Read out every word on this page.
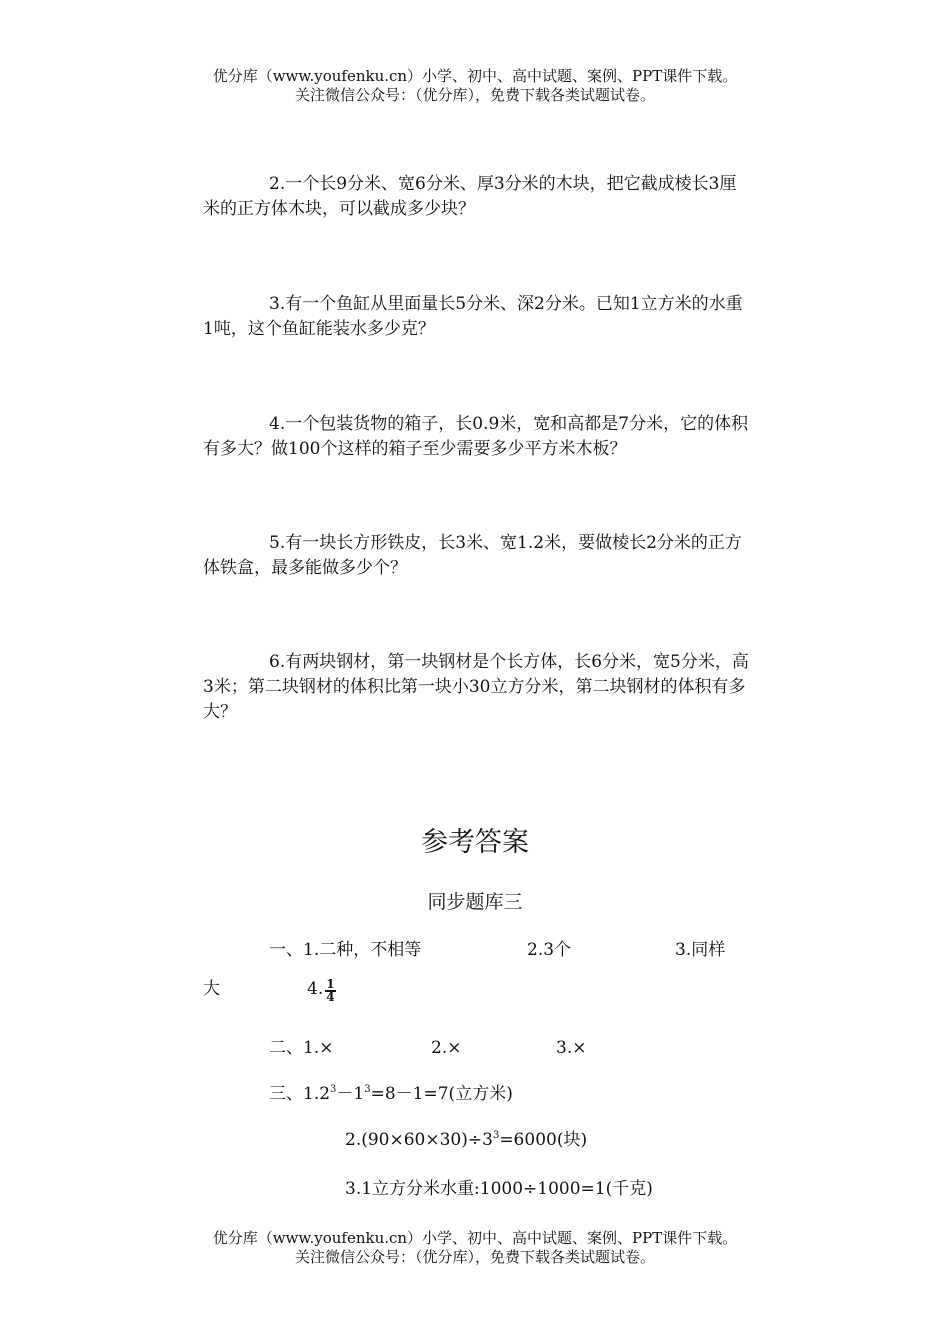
优分库（www.youfenku.cn）小学、初中、高中试题、案例、PPT课件下载。
关注微信公众号：（优分库），免费下载各类试题试卷。
2.一个长9分米、宽6分米、厚3分米的木块，把它截成棱长3厘米的正方体木块，可以截成多少块？
3.有一个鱼缸从里面量长5分米、深2分米。已知1立方米的水重1吨，这个鱼缸能装水多少克？
4.一个包装货物的箱子，长0.9米，宽和高都是7分米，它的体积有多大？做100个这样的箱子至少需要多少平方米木板？
5.有一块长方形铁皮，长3米、宽1.2米，要做棱长2分米的正方体铁盒，最多能做多少个？
6.有两块钢材，第一块钢材是个长方体，长6分米，宽5分米，高3米；第二块钢材的体积比第一块小30立方分米，第二块钢材的体积有多大？
参考答案
同步题库三
一、1.二种，不相等	2.3个	3.同样
大	4. $\frac{1}{4}$
二、1.×	2.×	3.×
三、$1.2^3-1^3=8-1=7$(立方米)
$2.(90\times 60\times 30)\div 3^3=6000$(块)
3.1立方分米水重:1000÷1000=1(千克)
优分库（www.youfenku.cn）小学、初中、高中试题、案例、PPT课件下载。
关注微信公众号：（优分库），免费下载各类试题试卷。
